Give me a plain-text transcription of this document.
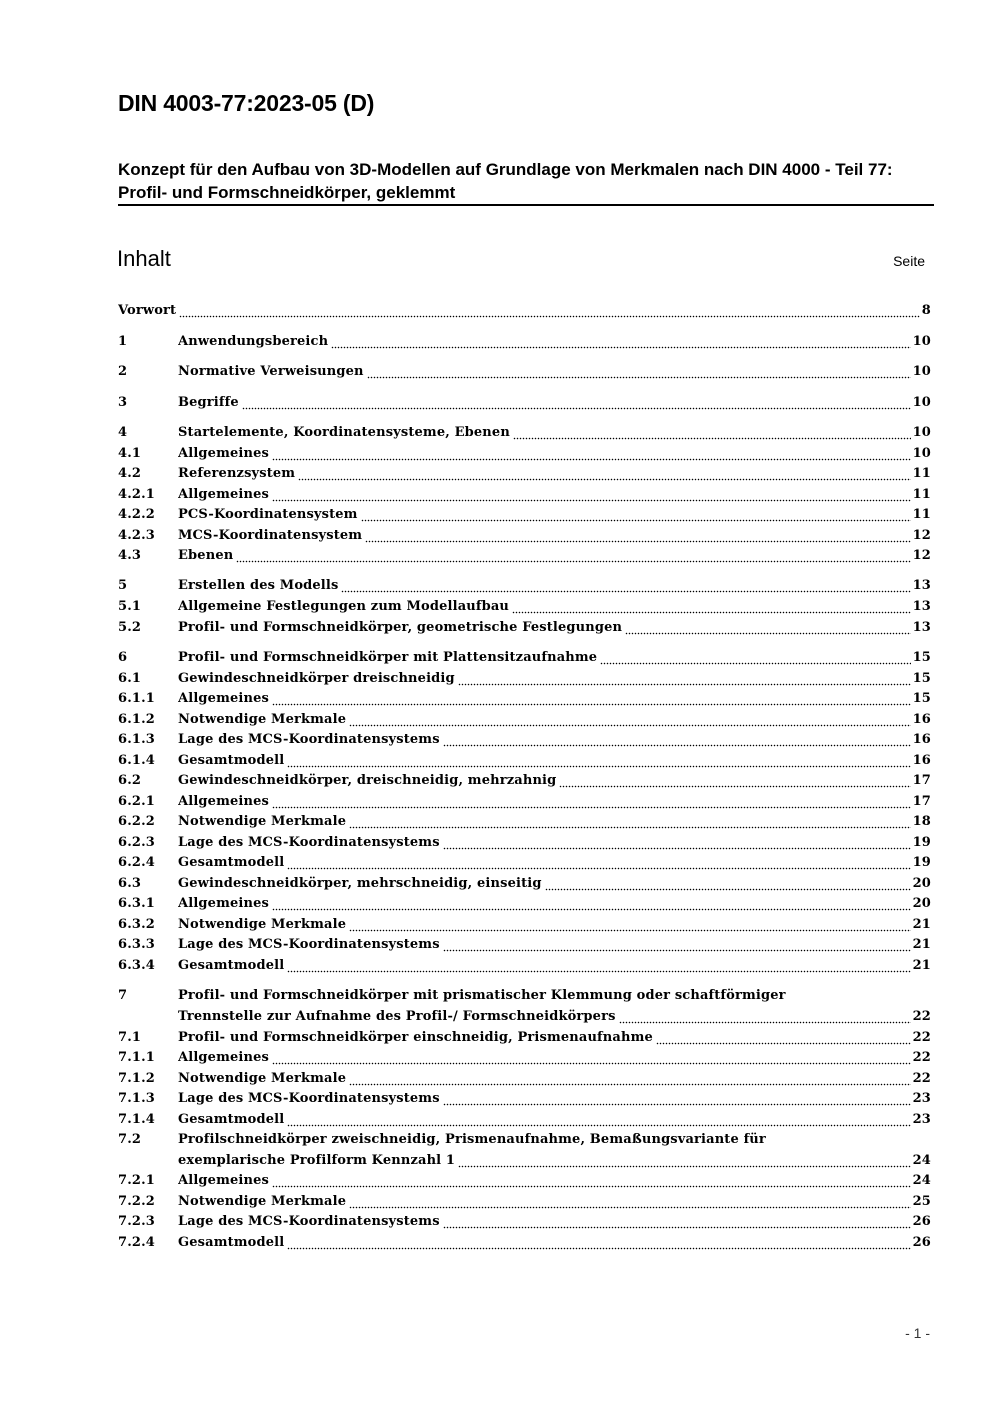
DIN 4003-77:2023-05 (D)
Konzept für den Aufbau von 3D-Modellen auf Grundlage von Merkmalen nach DIN 4000 - Teil 77: Profil- und Formschneidkörper, geklemmt
Inhalt	Seite
Vorwort	8
1	Anwendungsbereich	10
2	Normative Verweisungen	10
3	Begriffe	10
4	Startelemente, Koordinatensysteme, Ebenen	10
4.1	Allgemeines	10
4.2	Referenzsystem	11
4.2.1	Allgemeines	11
4.2.2	PCS-Koordinatensystem	11
4.2.3	MCS-Koordinatensystem	12
4.3	Ebenen	12
5	Erstellen des Modells	13
5.1	Allgemeine Festlegungen zum Modellaufbau	13
5.2	Profil- und Formschneidkörper, geometrische Festlegungen	13
6	Profil- und Formschneidkörper mit Plattensitzaufnahme	15
6.1	Gewindeschneidkörper dreischneidig	15
6.1.1	Allgemeines	15
6.1.2	Notwendige Merkmale	16
6.1.3	Lage des MCS-Koordinatensystems	16
6.1.4	Gesamtmodell	16
6.2	Gewindeschneidkörper, dreischneidig, mehrzahnig	17
6.2.1	Allgemeines	17
6.2.2	Notwendige Merkmale	18
6.2.3	Lage des MCS-Koordinatensystems	19
6.2.4	Gesamtmodell	19
6.3	Gewindeschneidkörper, mehrschneidig, einseitig	20
6.3.1	Allgemeines	20
6.3.2	Notwendige Merkmale	21
6.3.3	Lage des MCS-Koordinatensystems	21
6.3.4	Gesamtmodell	21
7	Profil- und Formschneidkörper mit prismatischer Klemmung oder schaftförmiger
Trennstelle zur Aufnahme des Profil-/ Formschneidkörpers	22
7.1	Profil- und Formschneidkörper einschneidig, Prismenaufnahme	22
7.1.1	Allgemeines	22
7.1.2	Notwendige Merkmale	22
7.1.3	Lage des MCS-Koordinatensystems	23
7.1.4	Gesamtmodell	23
7.2	Profilschneidkörper zweischneidig, Prismenaufnahme, Bemaßungsvariante für
exemplarische Profilform Kennzahl 1	24
7.2.1	Allgemeines	24
7.2.2	Notwendige Merkmale	25
7.2.3	Lage des MCS-Koordinatensystems	26
7.2.4	Gesamtmodell	26
- 1 -
